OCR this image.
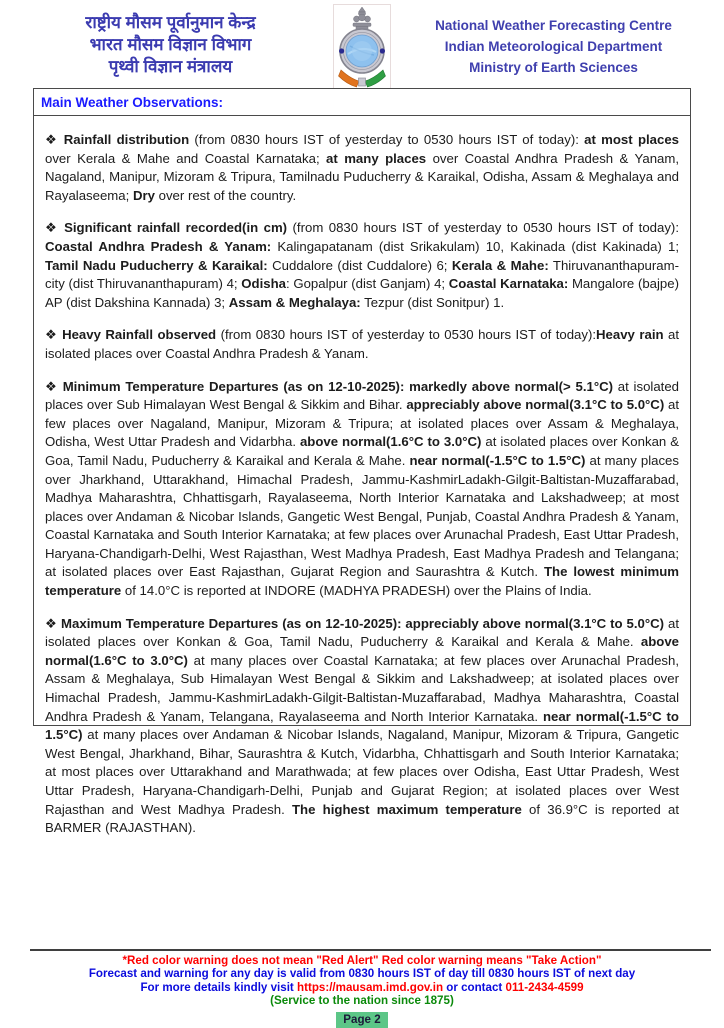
राष्ट्रीय मौसम पूर्वानुमान केन्द्र
भारत मौसम विज्ञान विभाग
पृथ्वी विज्ञान मंत्रालय
National Weather Forecasting Centre
Indian Meteorological Department
Ministry of Earth Sciences
Main Weather Observations:

❖ Rainfall distribution (from 0830 hours IST of yesterday to 0530 hours IST of today): at most places over Kerala & Mahe and Coastal Karnataka; at many places over Coastal Andhra Pradesh & Yanam, Nagaland, Manipur, Mizoram & Tripura, Tamilnadu Puducherry & Karaikal, Odisha, Assam & Meghalaya and Rayalaseema; Dry over rest of the country.

❖ Significant rainfall recorded(in cm) (from 0830 hours IST of yesterday to 0530 hours IST of today): Coastal Andhra Pradesh & Yanam: Kalingapatanam (dist Srikakulam) 10, Kakinada (dist Kakinada) 1; Tamil Nadu Puducherry & Karaikal: Cuddalore (dist Cuddalore) 6; Kerala & Mahe: Thiruvananthapuram-city (dist Thiruvananthapuram) 4; Odisha: Gopalpur (dist Ganjam) 4; Coastal Karnataka: Mangalore (bajpe) AP (dist Dakshina Kannada) 3; Assam & Meghalaya: Tezpur (dist Sonitpur) 1.

❖ Heavy Rainfall observed (from 0830 hours IST of yesterday to 0530 hours IST of today):Heavy rain at isolated places over Coastal Andhra Pradesh & Yanam.

❖ Minimum Temperature Departures (as on 12-10-2025): markedly above normal(> 5.1°C) at isolated places over Sub Himalayan West Bengal & Sikkim and Bihar. appreciably above normal(3.1°C to 5.0°C) at few places over Nagaland, Manipur, Mizoram & Tripura; at isolated places over Assam & Meghalaya, Odisha, West Uttar Pradesh and Vidarbha. above normal(1.6°C to 3.0°C) at isolated places over Konkan & Goa, Tamil Nadu, Puducherry & Karaikal and Kerala & Mahe. near normal(-1.5°C to 1.5°C) at many places over Jharkhand, Uttarakhand, Himachal Pradesh, Jammu-KashmirLadakh-Gilgit-Baltistan-Muzaffarabad, Madhya Maharashtra, Chhattisgarh, Rayalaseema, North Interior Karnataka and Lakshadweep; at most places over Andaman & Nicobar Islands, Gangetic West Bengal, Punjab, Coastal Andhra Pradesh & Yanam, Coastal Karnataka and South Interior Karnataka; at few places over Arunachal Pradesh, East Uttar Pradesh, Haryana-Chandigarh-Delhi, West Rajasthan, West Madhya Pradesh, East Madhya Pradesh and Telangana; at isolated places over East Rajasthan, Gujarat Region and Saurashtra & Kutch. The lowest minimum temperature of 14.0°C is reported at INDORE (MADHYA PRADESH) over the Plains of India.

❖ Maximum Temperature Departures (as on 12-10-2025): appreciably above normal(3.1°C to 5.0°C) at isolated places over Konkan & Goa, Tamil Nadu, Puducherry & Karaikal and Kerala & Mahe. above normal(1.6°C to 3.0°C) at many places over Coastal Karnataka; at few places over Arunachal Pradesh, Assam & Meghalaya, Sub Himalayan West Bengal & Sikkim and Lakshadweep; at isolated places over Himachal Pradesh, Jammu-KashmirLadakh-Gilgit-Baltistan-Muzaffarabad, Madhya Maharashtra, Coastal Andhra Pradesh & Yanam, Telangana, Rayalaseema and North Interior Karnataka. near normal(-1.5°C to 1.5°C) at many places over Andaman & Nicobar Islands, Nagaland, Manipur, Mizoram & Tripura, Gangetic West Bengal, Jharkhand, Bihar, Saurashtra & Kutch, Vidarbha, Chhattisgarh and South Interior Karnataka; at most places over Uttarakhand and Marathwada; at few places over Odisha, East Uttar Pradesh, West Uttar Pradesh, Haryana-Chandigarh-Delhi, Punjab and Gujarat Region; at isolated places over West Rajasthan and West Madhya Pradesh. The highest maximum temperature of 36.9°C is reported at BARMER (RAJASTHAN).

*Red color warning does not mean "Red Alert" Red color warning means "Take Action"
Forecast and warning for any day is valid from 0830 hours IST of day till 0830 hours IST of next day
For more details kindly visit https://mausam.imd.gov.in or contact 011-2434-4599
(Service to the nation since 1875)
Page 2
